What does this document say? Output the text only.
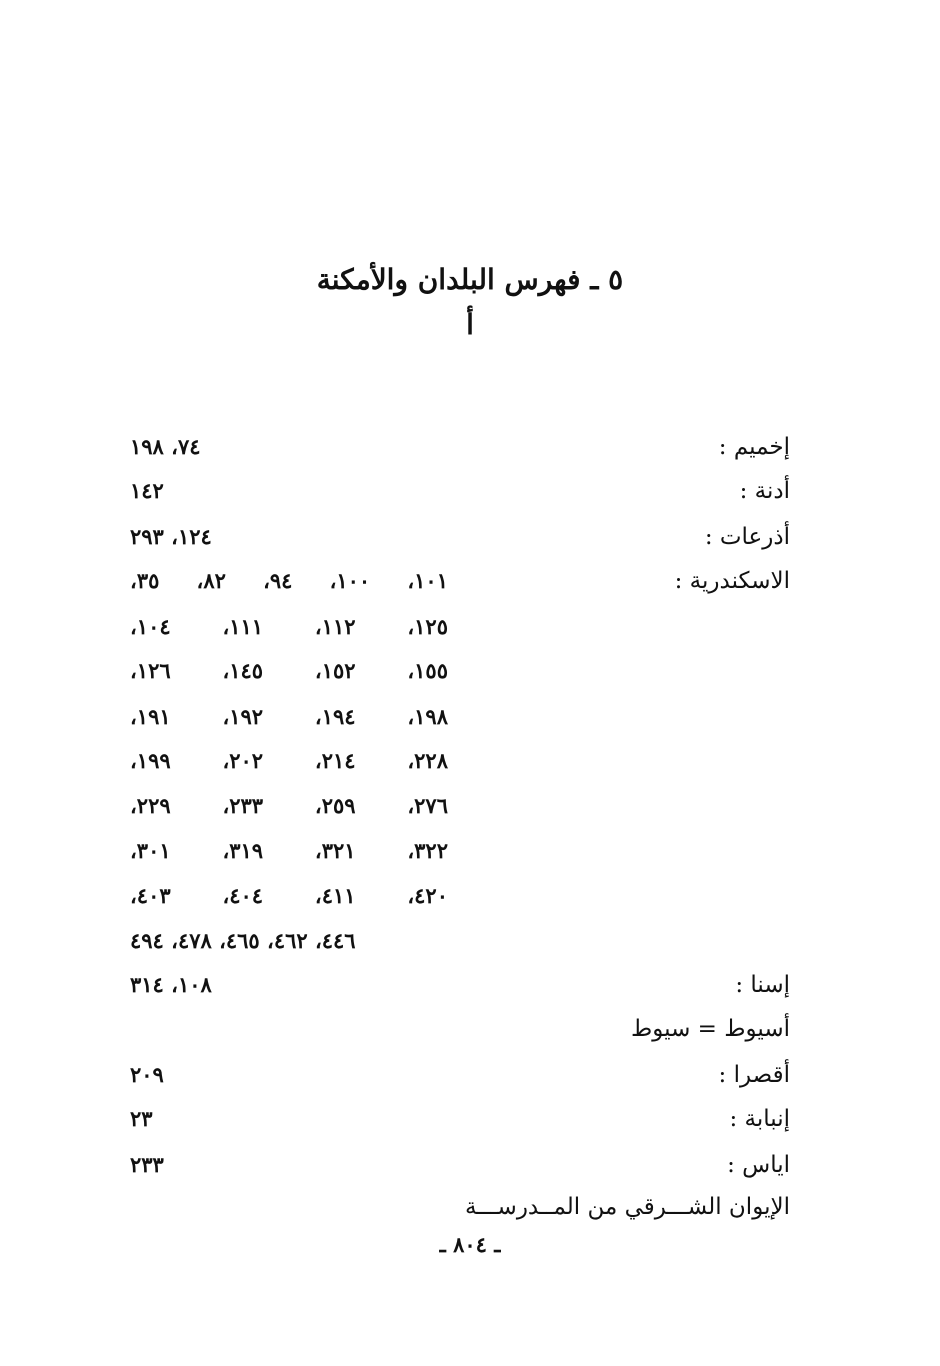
٥ ـ فهرس البلدان والأمكنة
أ
إخميم :
٧٤، ١٩٨
أدنة :
١٤٢
أذرعات :
١٢٤، ٢٩٣
الاسكندرية :
٣٥، ٨٢، ٩٤، ١٠٠، ١٠١،
١٠٤، ١١١، ١١٢، ١٢٥،
١٢٦، ١٤٥، ١٥٢، ١٥٥،
١٩١، ١٩٢، ١٩٤، ١٩٨،
١٩٩، ٢٠٢، ٢١٤، ٢٢٨،
٢٢٩، ٢٣٣، ٢٥٩، ٢٧٦،
٣٠١، ٣١٩، ٣٢١، ٣٢٢،
٤٠٣، ٤٠٤، ٤١١، ٤٢٠،
٤٤٦، ٤٦٢، ٤٦٥، ٤٧٨، ٤٩٤
إسنا :
١٠٨، ٣١٤
أسيوط = سيوط
أقصرا :
٢٠٩
إنبابة :
٢٣
اياس :
٢٣٣
الإيوان الشـــرقي من المــدرســـة
ـ ٨٠٤ ـ
